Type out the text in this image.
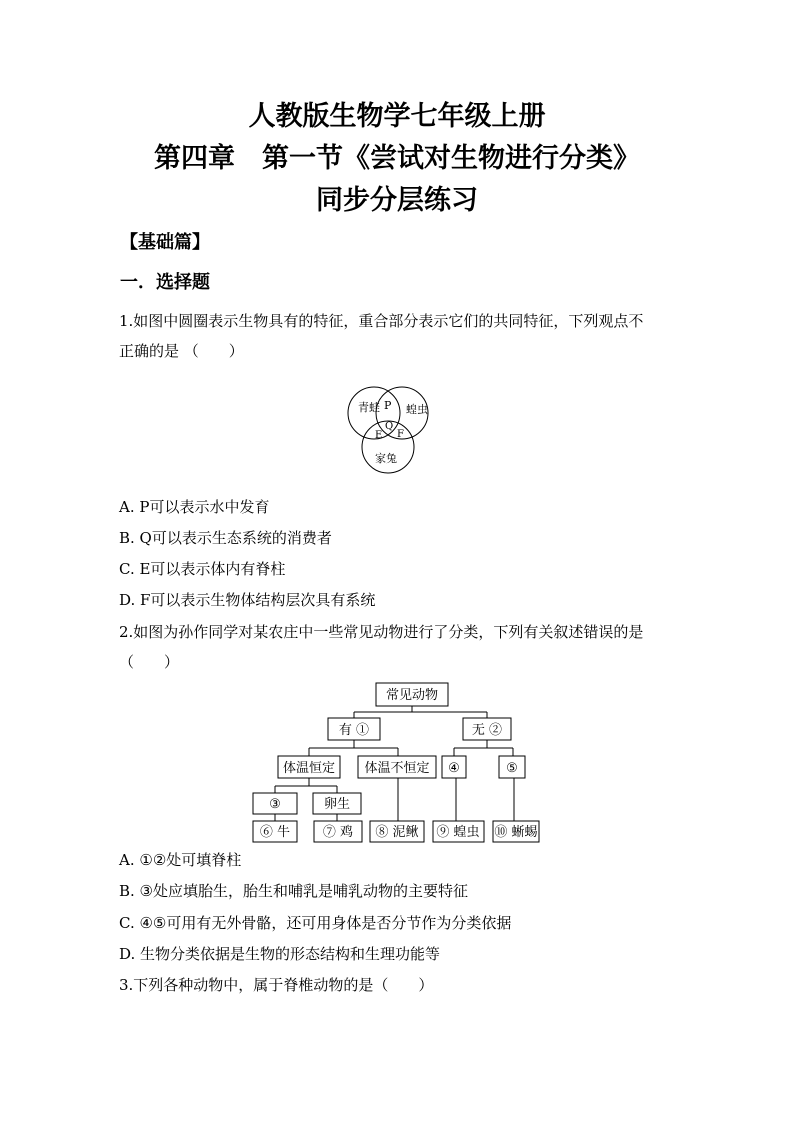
人教版生物学七年级上册
第四章　第一节《尝试对生物进行分类》
同步分层练习
【基础篇】
一．选择题
1.如图中圆圈表示生物具有的特征，重合部分表示它们的共同特征，下列观点不
正确的是 （　　）
青蛙 蝗虫
家兔
P
Q
E F
A. P可以表示水中发育
B. Q可以表示生态系统的消费者
C. E可以表示体内有脊柱
D. F可以表示生物体结构层次具有系统
2.如图为孙作同学对某农庄中一些常见动物进行了分类，下列有关叙述错误的是
（　　）
常见动物
有 ①	无 ②
体温恒定 体温不恒定 ④	⑤
③	卵生
⑥ 牛	⑦ 鸡 ⑧ 泥鳅 ⑨ 蝗虫 ⑩ 蜥蜴
A. ①②处可填脊柱
B. ③处应填胎生，胎生和哺乳是哺乳动物的主要特征
C. ④⑤可用有无外骨骼，还可用身体是否分节作为分类依据
D. 生物分类依据是生物的形态结构和生理功能等
3.下列各种动物中，属于脊椎动物的是（　　）
